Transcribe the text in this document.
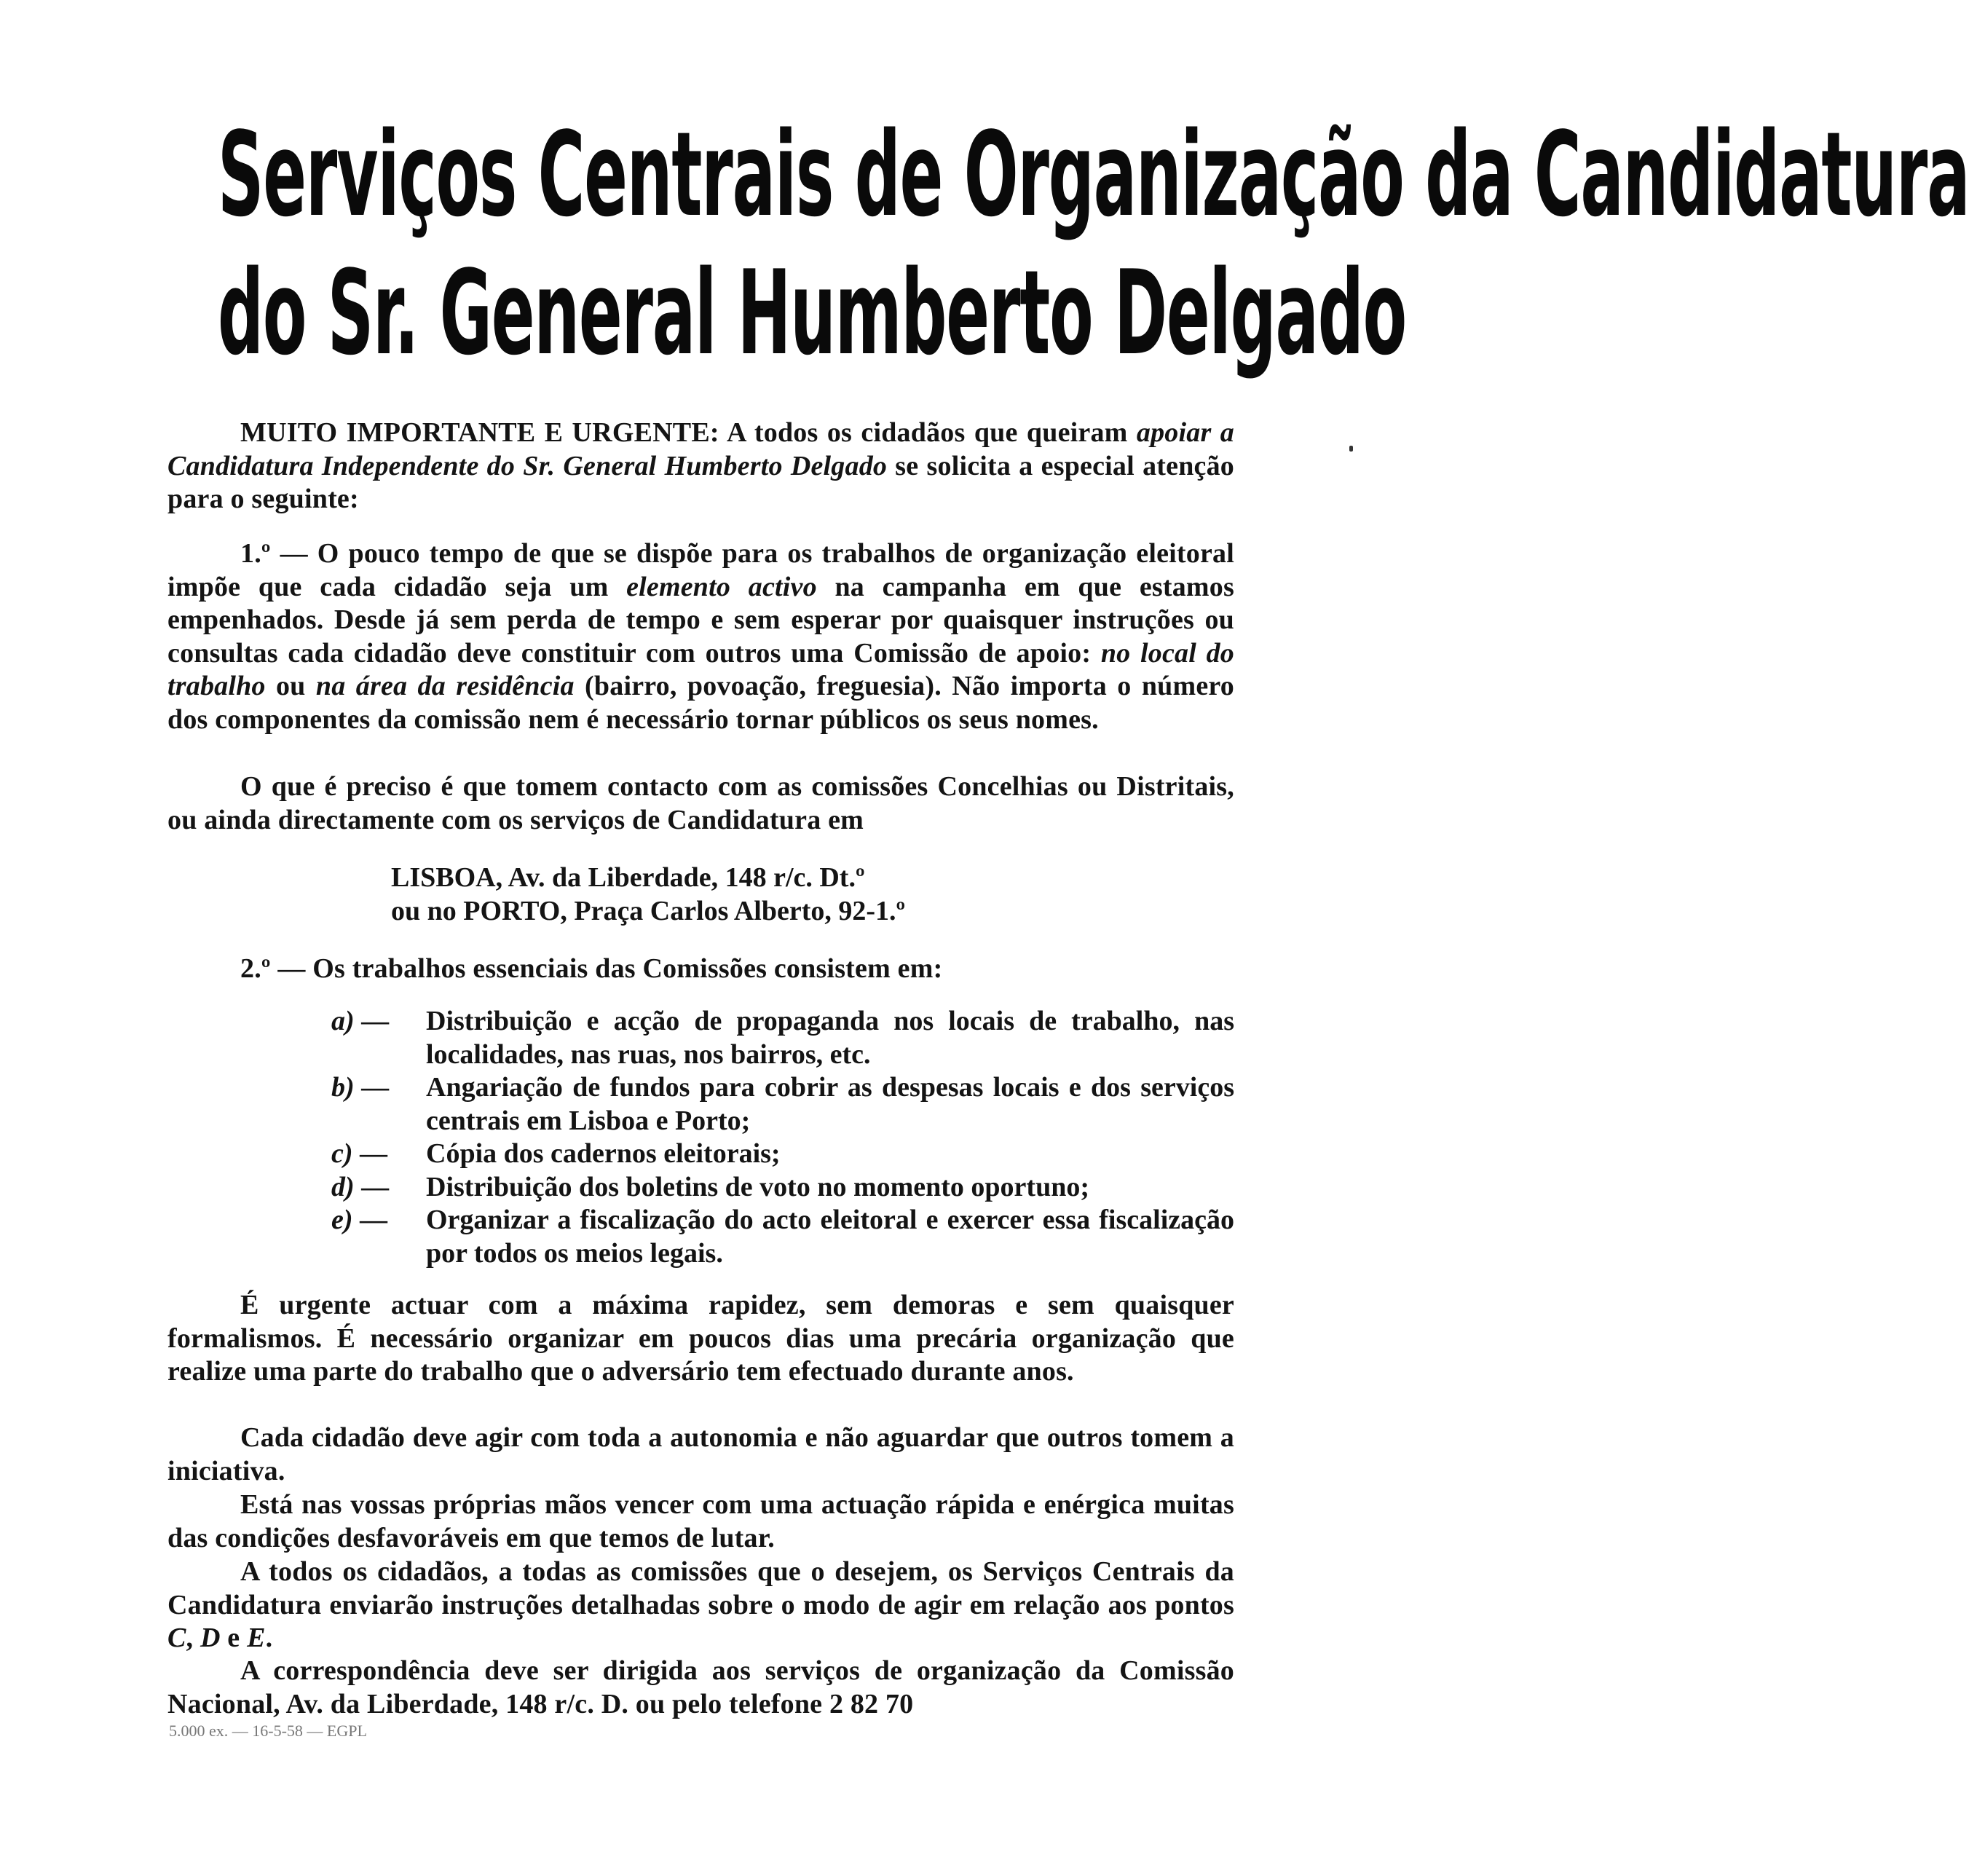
Serviços Centrais de Organização da Candidatura
do Sr. General Humberto Delgado
MUITO IMPORTANTE E URGENTE: A todos os cidadãos que queiram apoiar a Candidatura Independente do Sr. General Humberto Delgado se solicita a especial atenção para o seguinte:
1.º — O pouco tempo de que se dispõe para os trabalhos de organização eleitoral impõe que cada cidadão seja um elemento activo na campanha em que estamos empenhados. Desde já sem perda de tempo e sem esperar por quaisquer instruções ou consultas cada cidadão deve constituir com outros uma Comissão de apoio: no local do trabalho ou na área da residência (bairro, povoação, freguesia). Não importa o número dos componentes da comissão nem é necessário tornar públicos os seus nomes.
O que é preciso é que tomem contacto com as comissões Concelhias ou Distritais, ou ainda directamente com os serviços de Candidatura em
LISBOA, Av. da Liberdade, 148 r/c. Dt.º
ou no PORTO, Praça Carlos Alberto, 92-1.º
2.º — Os trabalhos essenciais das Comissões consistem em:
a) —	Distribuição e acção de propaganda nos locais de trabalho, nas localidades, nas ruas, nos bairros, etc.
b) —	Angariação de fundos para cobrir as despesas locais e dos serviços centrais em Lisboa e Porto;
c) —	Cópia dos cadernos eleitorais;
d) —	Distribuição dos boletins de voto no momento oportuno;
e) —	Organizar a fiscalização do acto eleitoral e exercer essa fiscalização por todos os meios legais.
É urgente actuar com a máxima rapidez, sem demoras e sem quaisquer formalismos. É necessário organizar em poucos dias uma precária organização que realize uma parte do trabalho que o adversário tem efectuado durante anos.
Cada cidadão deve agir com toda a autonomia e não aguardar que outros tomem a iniciativa.
Está nas vossas próprias mãos vencer com uma actuação rápida e enérgica muitas das condições desfavoráveis em que temos de lutar.
A todos os cidadãos, a todas as comissões que o desejem, os Serviços Centrais da Candidatura enviarão instruções detalhadas sobre o modo de agir em relação aos pontos C, D e E.
A correspondência deve ser dirigida aos serviços de organização da Comissão Nacional, Av. da Liberdade, 148 r/c. D. ou pelo telefone 2 82 70
5.000 ex. — 16-5-58 — EGPL
